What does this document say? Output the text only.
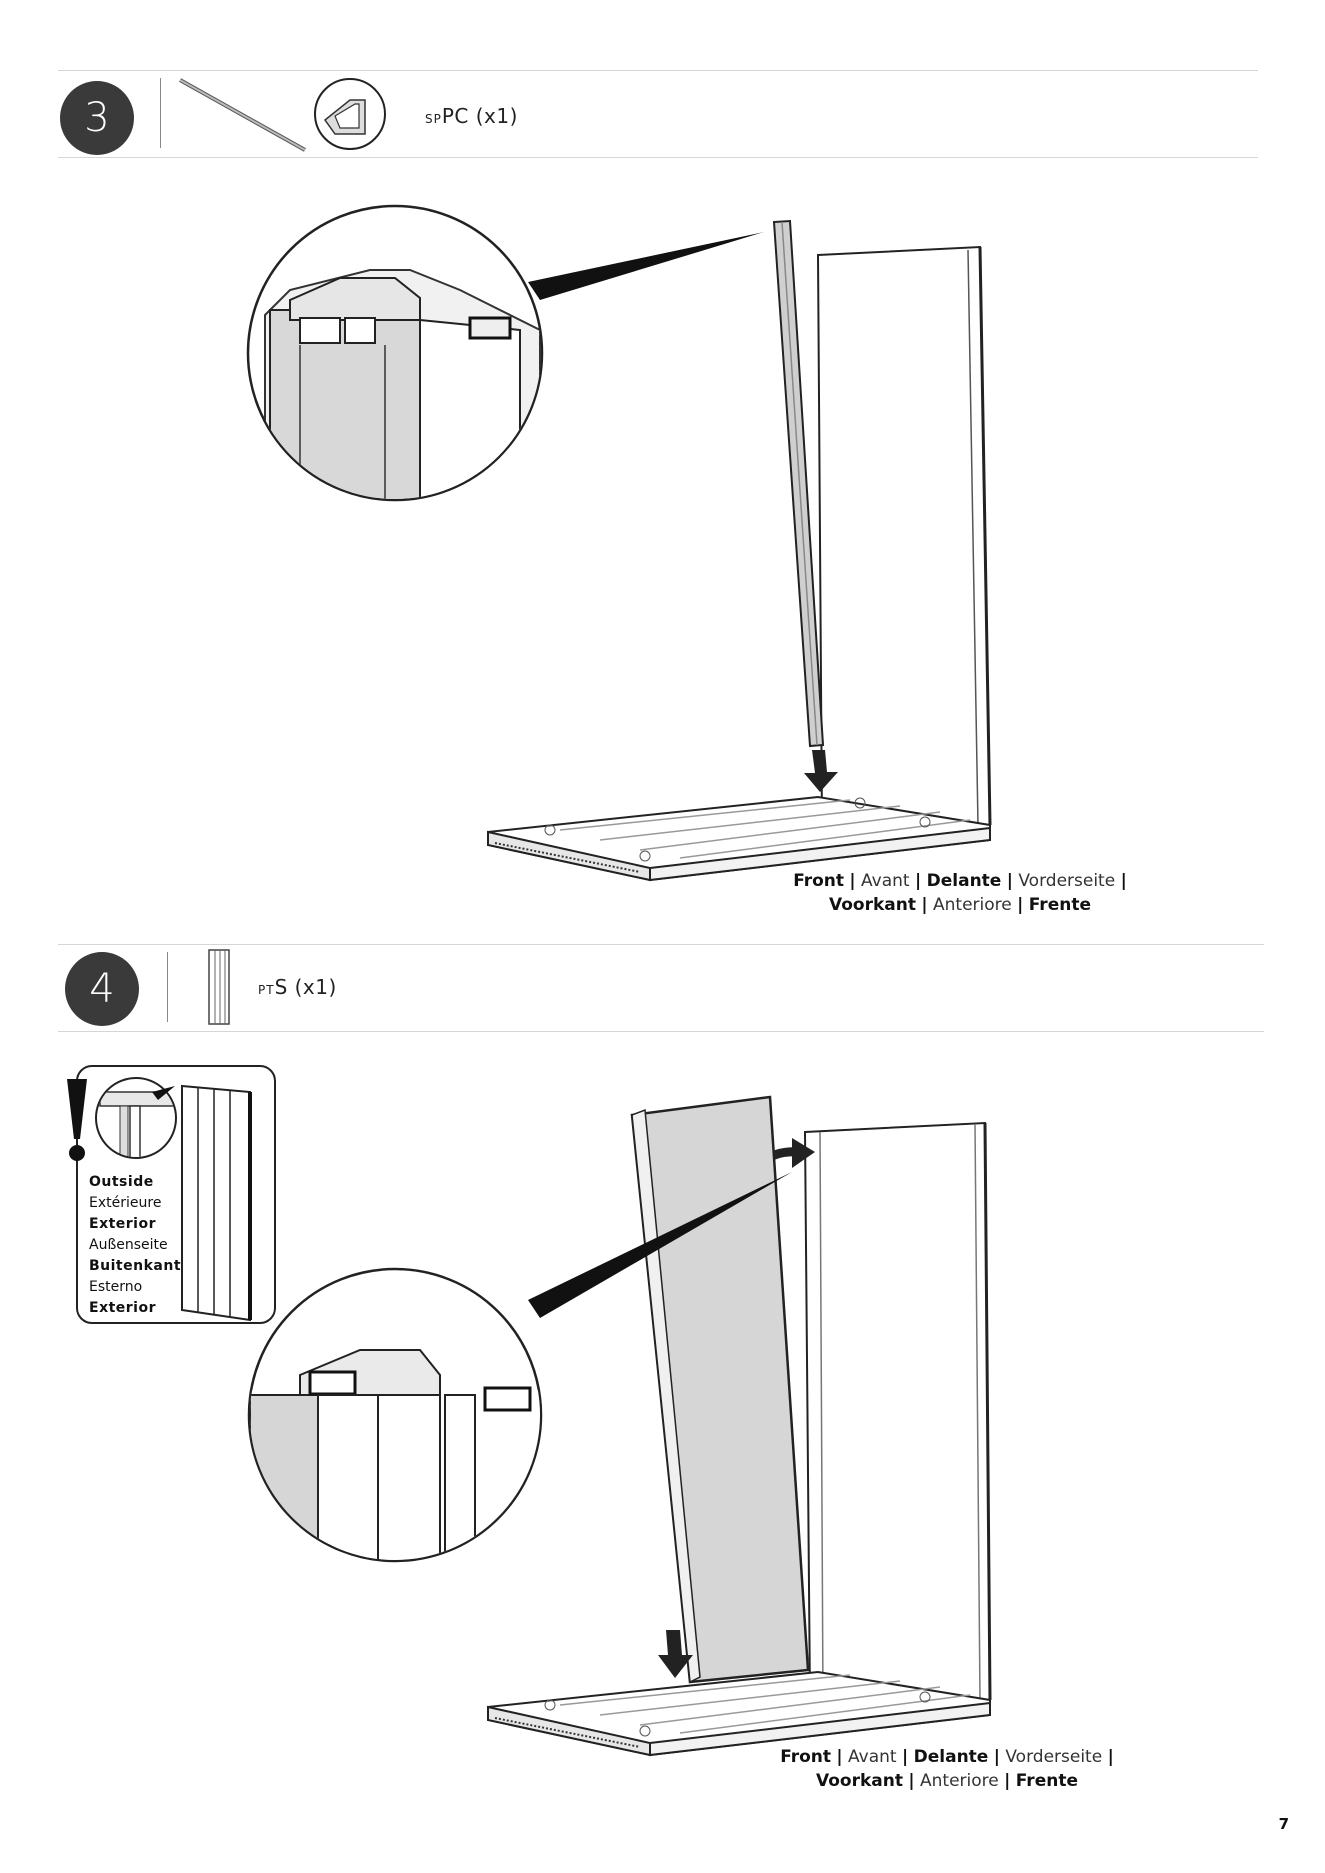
3	SPPC (x1)
Front | Avant | Delante | Vorderseite |
Voorkant | Anteriore | Frente
4	PTS (x1)
Outside
Extérieure
Exterior
Außenseite
Buitenkant
Esterno
Exterior
Front | Avant | Delante | Vorderseite |
Voorkant | Anteriore | Frente
7
